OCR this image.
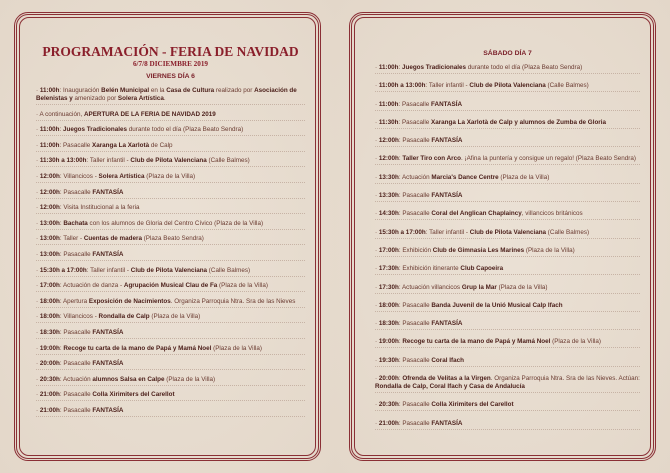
PROGRAMACIÓN - FERIA DE NAVIDAD
6/7/8 DICIEMBRE 2019
VIERNES DÍA 6
· 11:00h: Inauguración Belén Municipal en la Casa de Cultura realizado por Asociación de Belenistas y amenizado por Solera Artística.
· A continuación, APERTURA DE LA FERIA DE NAVIDAD 2019
· 11:00h: Juegos Tradicionales durante todo el día (Plaza Beato Sendra)
· 11:00h: Pasacalle Xaranga La Xarlotà de Calp
· 11:30h a 13:00h: Taller infantil - Club de Pilota Valenciana (Calle Balmes)
· 12:00h: Villancicos - Solera Artística (Plaza de la Villa)
· 12:00h: Pasacalle FANTASÍA
· 12:00h: Visita Institucional a la feria
· 13:00h: Bachata con los alumnos de Gloria del Centro Cívico (Plaza de la Villa)
· 13:00h: Taller - Cuentas de madera (Plaza Beato Sendra)
· 13:00h: Pasacalle FANTASÍA
· 15:30h a 17:00h: Taller infantil - Club de Pilota Valenciana (Calle Balmes)
· 17:00h: Actuación de danza - Agrupación Musical Clau de Fa (Plaza de la Villa)
· 18:00h: Apertura Exposición de Nacimientos. Organiza Parroquia Ntra. Sra de las Nieves
· 18:00h: Villancicos - Rondalla de Calp (Plaza de la Villa)
· 18:30h: Pasacalle FANTASÍA
· 19:00h: Recoge tu carta de la mano de Papá y Mamá Noel (Plaza de la Villa)
· 20:00h: Pasacalle FANTASÍA
· 20:30h: Actuación alumnos Salsa en Calpe (Plaza de la Villa)
· 21:00h: Pasacalle Colla Xirimiters del Carellot
· 21:00h: Pasacalle FANTASÍA
SÁBADO DÍA 7
· 11:00h: Juegos Tradicionales durante todo el día (Plaza Beato Sendra)
· 11:00h a 13:00h: Taller infantil - Club de Pilota Valenciana (Calle Balmes)
· 11:00h: Pasacalle FANTASÍA
· 11:30h: Pasacalle Xaranga La Xarlotà de Calp y alumnos de Zumba de Gloria
· 12:00h: Pasacalle FANTASÍA
· 12:00h: Taller Tiro con Arco. ¡Afina la puntería y consigue un regalo! (Plaza Beato Sendra)
· 13:30h: Actuación Marcia's Dance Centre (Plaza de la Villa)
· 13:30h: Pasacalle FANTASÍA
· 14:30h: Pasacalle Coral del Anglican Chaplaincy, villancicos británicos
· 15:30h a 17:00h: Taller infantil - Club de Pilota Valenciana (Calle Balmes)
· 17:00h: Exhibición Club de Gimnasia Les Marines (Plaza de la Villa)
· 17:30h: Exhibición itinerante Club Capoeira
· 17:30h: Actuación villancicos Grup la Mar (Plaza de la Villa)
· 18:00h: Pasacalle Banda Juvenil de la Unió Musical Calp Ifach
· 18:30h: Pasacalle FANTASÍA
· 19:00h: Recoge tu carta de la mano de Papá y Mamá Noel (Plaza de la Villa)
· 19:30h: Pasacalle Coral Ifach
· 20:00h: Ofrenda de Velitas a la Virgen. Organiza Parroquia Ntra. Sra de las Nieves. Actúan: Rondalla de Calp, Coral Ifach y Casa de Andalucía
· 20:30h: Pasacalle Colla Xirimiters del Carellot
· 21:00h: Pasacalle FANTASÍA
